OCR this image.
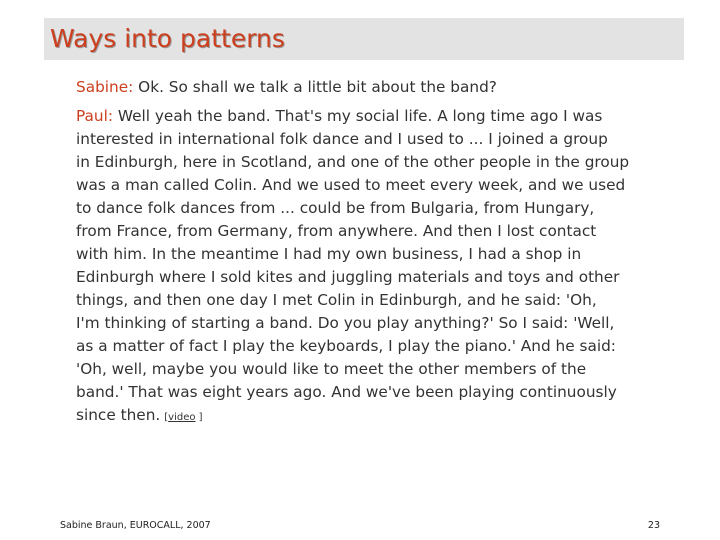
Ways into patterns

Sabine: Ok. So shall we talk a little bit about the band?

Paul: Well yeah the band. That's my social life. A long time ago I was
interested in international folk dance and I used to ... I joined a group
in Edinburgh, here in Scotland, and one of the other people in the group
was a man called Colin. And we used to meet every week, and we used
to dance folk dances from ... could be from Bulgaria, from Hungary,
from France, from Germany, from anywhere. And then I lost contact
with him. In the meantime I had my own business, I had a shop in
Edinburgh where I sold kites and juggling materials and toys and other
things, and then one day I met Colin in Edinburgh, and he said: 'Oh,
I'm thinking of starting a band. Do you play anything?' So I said: 'Well,
as a matter of fact I play the keyboards, I play the piano.' And he said:
'Oh, well, maybe you would like to meet the other members of the
band.' That was eight years ago. And we've been playing continuously
since then. [video ]

Sabine Braun, EUROCALL, 2007	23
